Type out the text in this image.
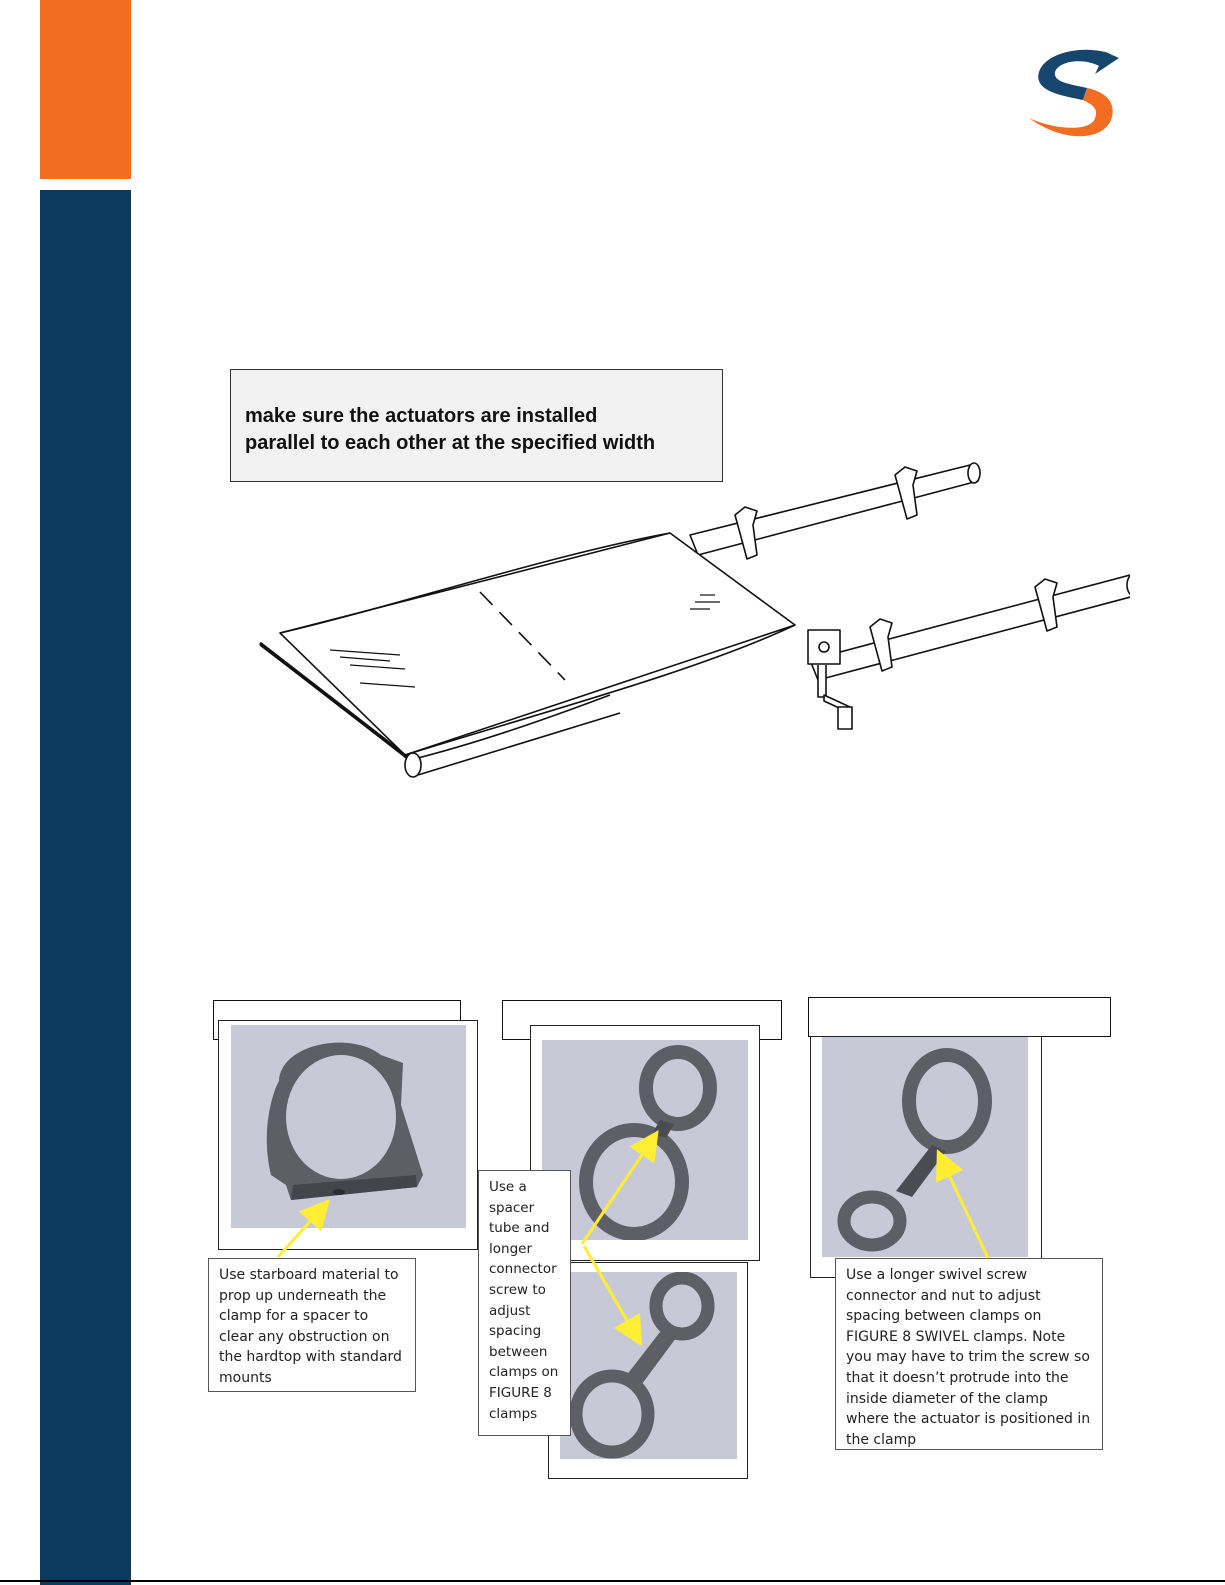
make sure the actuators are installed
parallel to each other at the specified width

Use starboard material to prop up underneath the clamp for a spacer to clear any obstruction on the hardtop with standard mounts

Use a spacer tube and longer connector screw to adjust spacing between clamps on FIGURE 8 clamps

Use a longer swivel screw connector and nut to adjust spacing between clamps on FIGURE 8 SWIVEL clamps. Note you may have to trim the screw so that it doesn’t protrude into the inside diameter of the clamp where the actuator is positioned in the clamp
